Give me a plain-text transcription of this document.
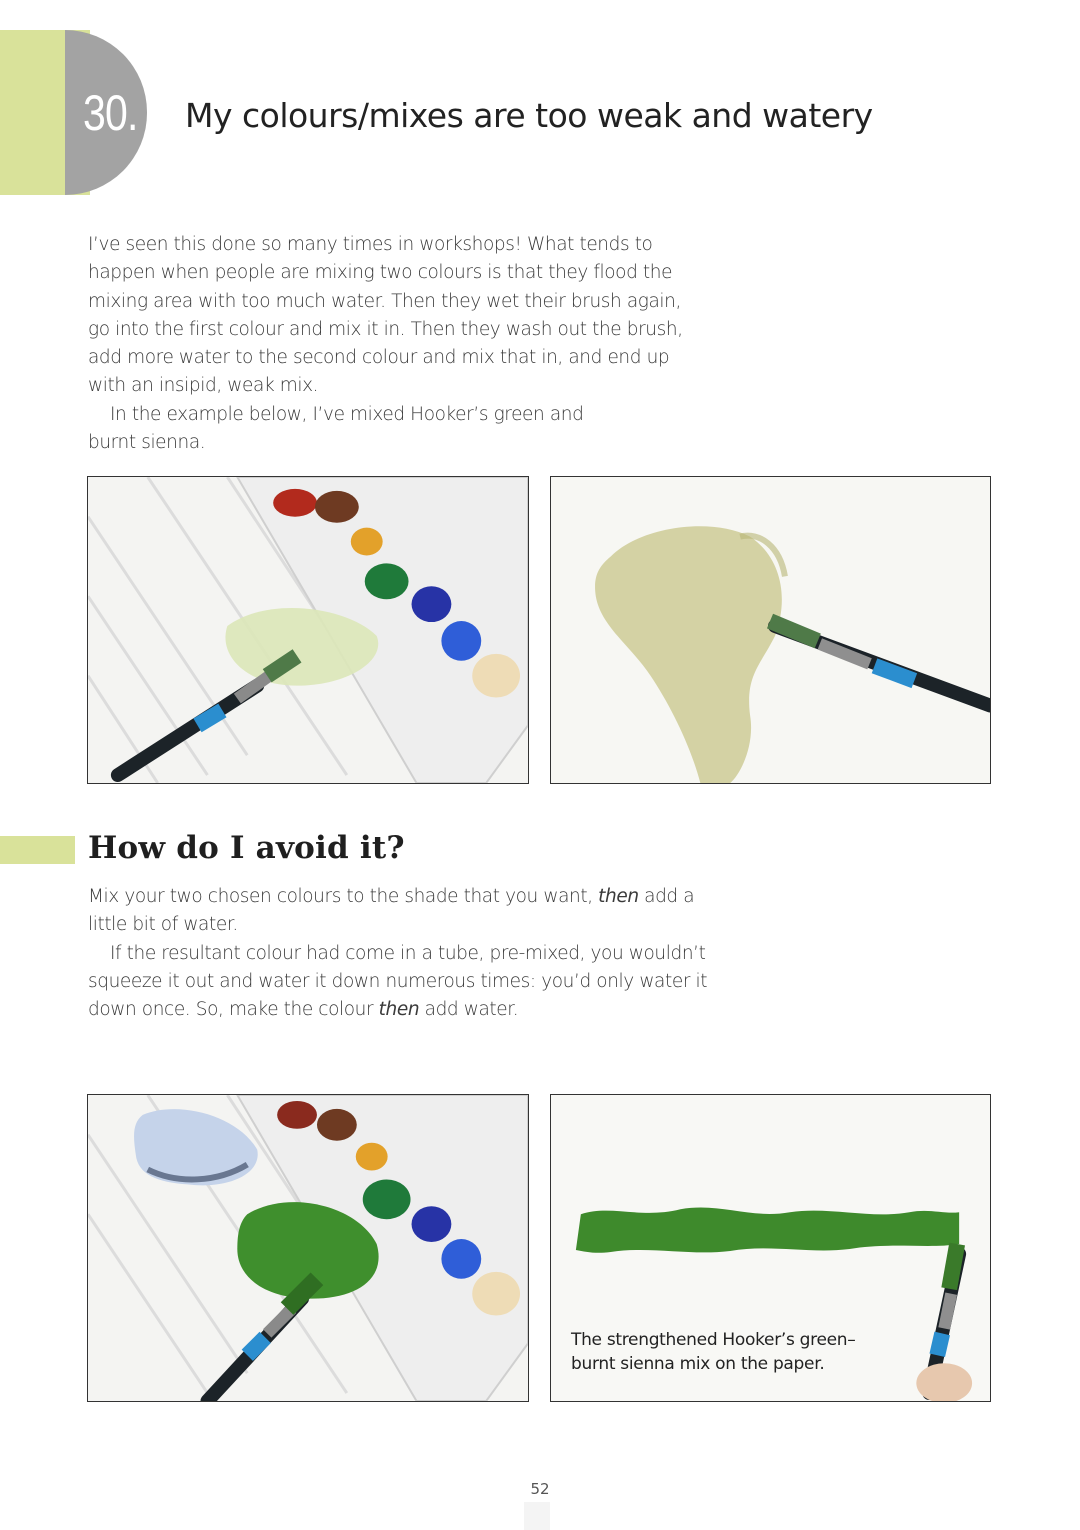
30. My colours/mixes are too weak and watery

I’ve seen this done so many times in workshops! What tends to happen when people are mixing two colours is that they flood the mixing area with too much water. Then they wet their brush again, go into the first colour and mix it in. Then they wash out the brush, add more water to the second colour and mix that in, and end up with an insipid, weak mix.

In the example below, I’ve mixed Hooker’s green and burnt sienna.

How do I avoid it?

Mix your two chosen colours to the shade that you want, then add a little bit of water.

If the resultant colour had come in a tube, pre-mixed, you wouldn’t squeeze it out and water it down numerous times: you’d only water it down once. So, make the colour then add water.

The strengthened Hooker’s green–
burnt sienna mix on the paper.
52
